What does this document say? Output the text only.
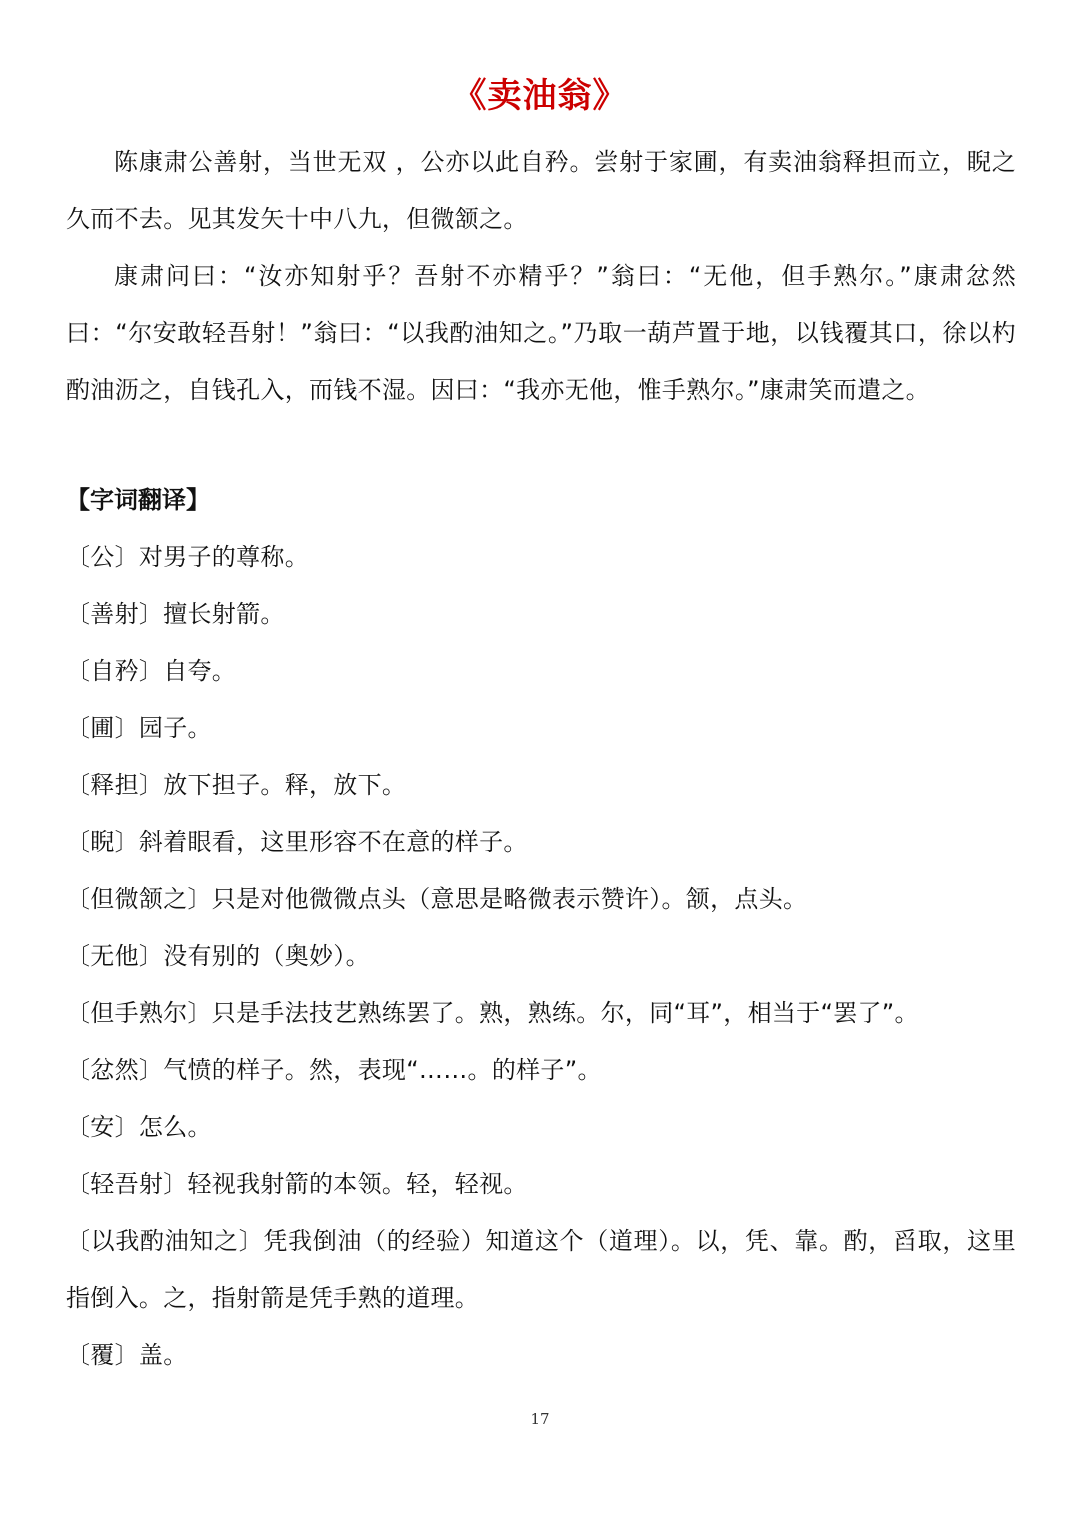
《卖油翁》

陈康肃公善射，当世无双 ，公亦以此自矜。尝射于家圃，有卖油翁释担而立，睨之久而不去。见其发矢十中八九，但微颔之。

康肃问曰：“汝亦知射乎？吾射不亦精乎？”翁曰：“无他，但手熟尔。”康肃忿然曰：“尔安敢轻吾射！”翁曰：“以我酌油知之。”乃取一葫芦置于地，以钱覆其口，徐以杓酌油沥之，自钱孔入，而钱不湿。因曰：“我亦无他，惟手熟尔。”康肃笑而遣之。

【字词翻译】
〔公〕对男子的尊称。
〔善射〕擅长射箭。
〔自矜〕自夸。
〔圃〕园子。
〔释担〕放下担子。释，放下。
〔睨〕斜着眼看，这里形容不在意的样子。
〔但微颔之〕只是对他微微点头（意思是略微表示赞许）。颔，点头。
〔无他〕没有别的（奥妙）。
〔但手熟尔〕只是手法技艺熟练罢了。熟，熟练。尔，同“耳”，相当于“罢了”。
〔忿然〕气愤的样子。然，表现“……。的样子”。
〔安〕怎么。
〔轻吾射〕轻视我射箭的本领。轻，轻视。
〔以我酌油知之〕凭我倒油（的经验）知道这个（道理）。以，凭、靠。酌，舀取，这里指倒入。之，指射箭是凭手熟的道理。
〔覆〕盖。
17
